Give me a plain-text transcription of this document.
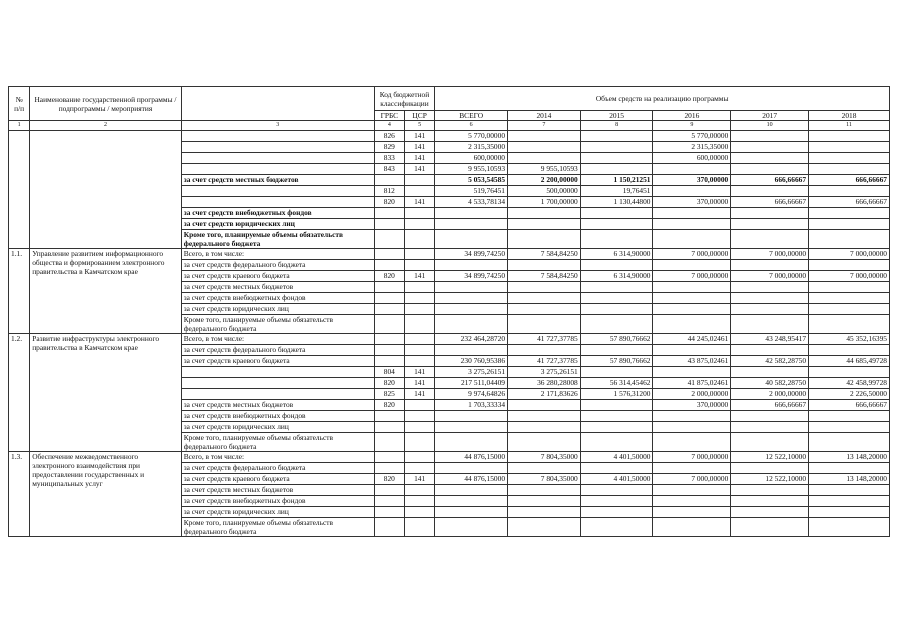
№
п/п	Наименование государственной программы / подпрограммы / мероприятия		Код бюджетной классификации		Объем средств на реализацию программы					
			ГРБС	ЦСР	ВСЕГО	2014	2015	2016	2017	2018
1	2	3	4	5	6	7	8	9	10	11
			826	141	5 770,00000			5 770,00000		
			829	141	2 315,35000			2 315,35000		
			833	141	600,00000			600,00000		
			843	141	9 955,10593	9 955,10593				
		за счет средств местных бюджетов			5 053,54585	2 200,00000	1 150,21251	370,00000	666,66667	666,66667
			812		519,76451	500,00000	19,76451			
			820	141	4 533,78134	1 700,00000	1 130,44800	370,00000	666,66667	666,66667
		за счет средств внебюджетных фондов								
		за счет средств юридических лиц								
		Кроме того, планируемые объемы обязательств федерального бюджета								
1.1.	Управление развитием информационного общества и формированием электронного правительства в Камчатском крае	Всего, в том числе:			34 899,74250	7 584,84250	6 314,90000	7 000,00000	7 000,00000	7 000,00000
		за счет средств федерального бюджета								
		за счет средств краевого бюджета	820	141	34 899,74250	7 584,84250	6 314,90000	7 000,00000	7 000,00000	7 000,00000
		за счет средств местных бюджетов								
		за счет средств внебюджетных фондов								
		за счет средств юридических лиц								
		Кроме того, планируемые объемы обязательств федерального бюджета								
1.2.	Развитие инфраструктуры электронного правительства в Камчатском крае	Всего, в том числе:			232 464,28720	41 727,37785	57 890,76662	44 245,02461	43 248,95417	45 352,16395
		за счет средств федерального бюджета								
		за счет средств краевого бюджета			230 760,95386	41 727,37785	57 890,76662	43 875,02461	42 582,28750	44 685,49728
			804	141	3 275,26151	3 275,26151				
			820	141	217 511,04409	36 280,28008	56 314,45462	41 875,02461	40 582,28750	42 458,99728
			825	141	9 974,64826	2 171,83626	1 576,31200	2 000,00000	2 000,00000	2 226,50000
		за счет средств местных бюджетов	820		1 703,33334			370,00000	666,66667	666,66667
		за счет средств внебюджетных фондов								
		за счет средств юридических лиц								
		Кроме того, планируемые объемы обязательств федерального бюджета								
1.3.	Обеспечение межведомственного электронного взаимодействия при предоставлении государственных и муниципальных услуг	Всего, в том числе:			44 876,15000	7 804,35000	4 401,50000	7 000,00000	12 522,10000	13 148,20000
		за счет средств федерального бюджета								
		за счет средств краевого бюджета	820	141	44 876,15000	7 804,35000	4 401,50000	7 000,00000	12 522,10000	13 148,20000
		за счет средств местных бюджетов								
		за счет средств внебюджетных фондов								
		за счет средств юридических лиц								
		Кроме того, планируемые объемы обязательств федерального бюджета								
